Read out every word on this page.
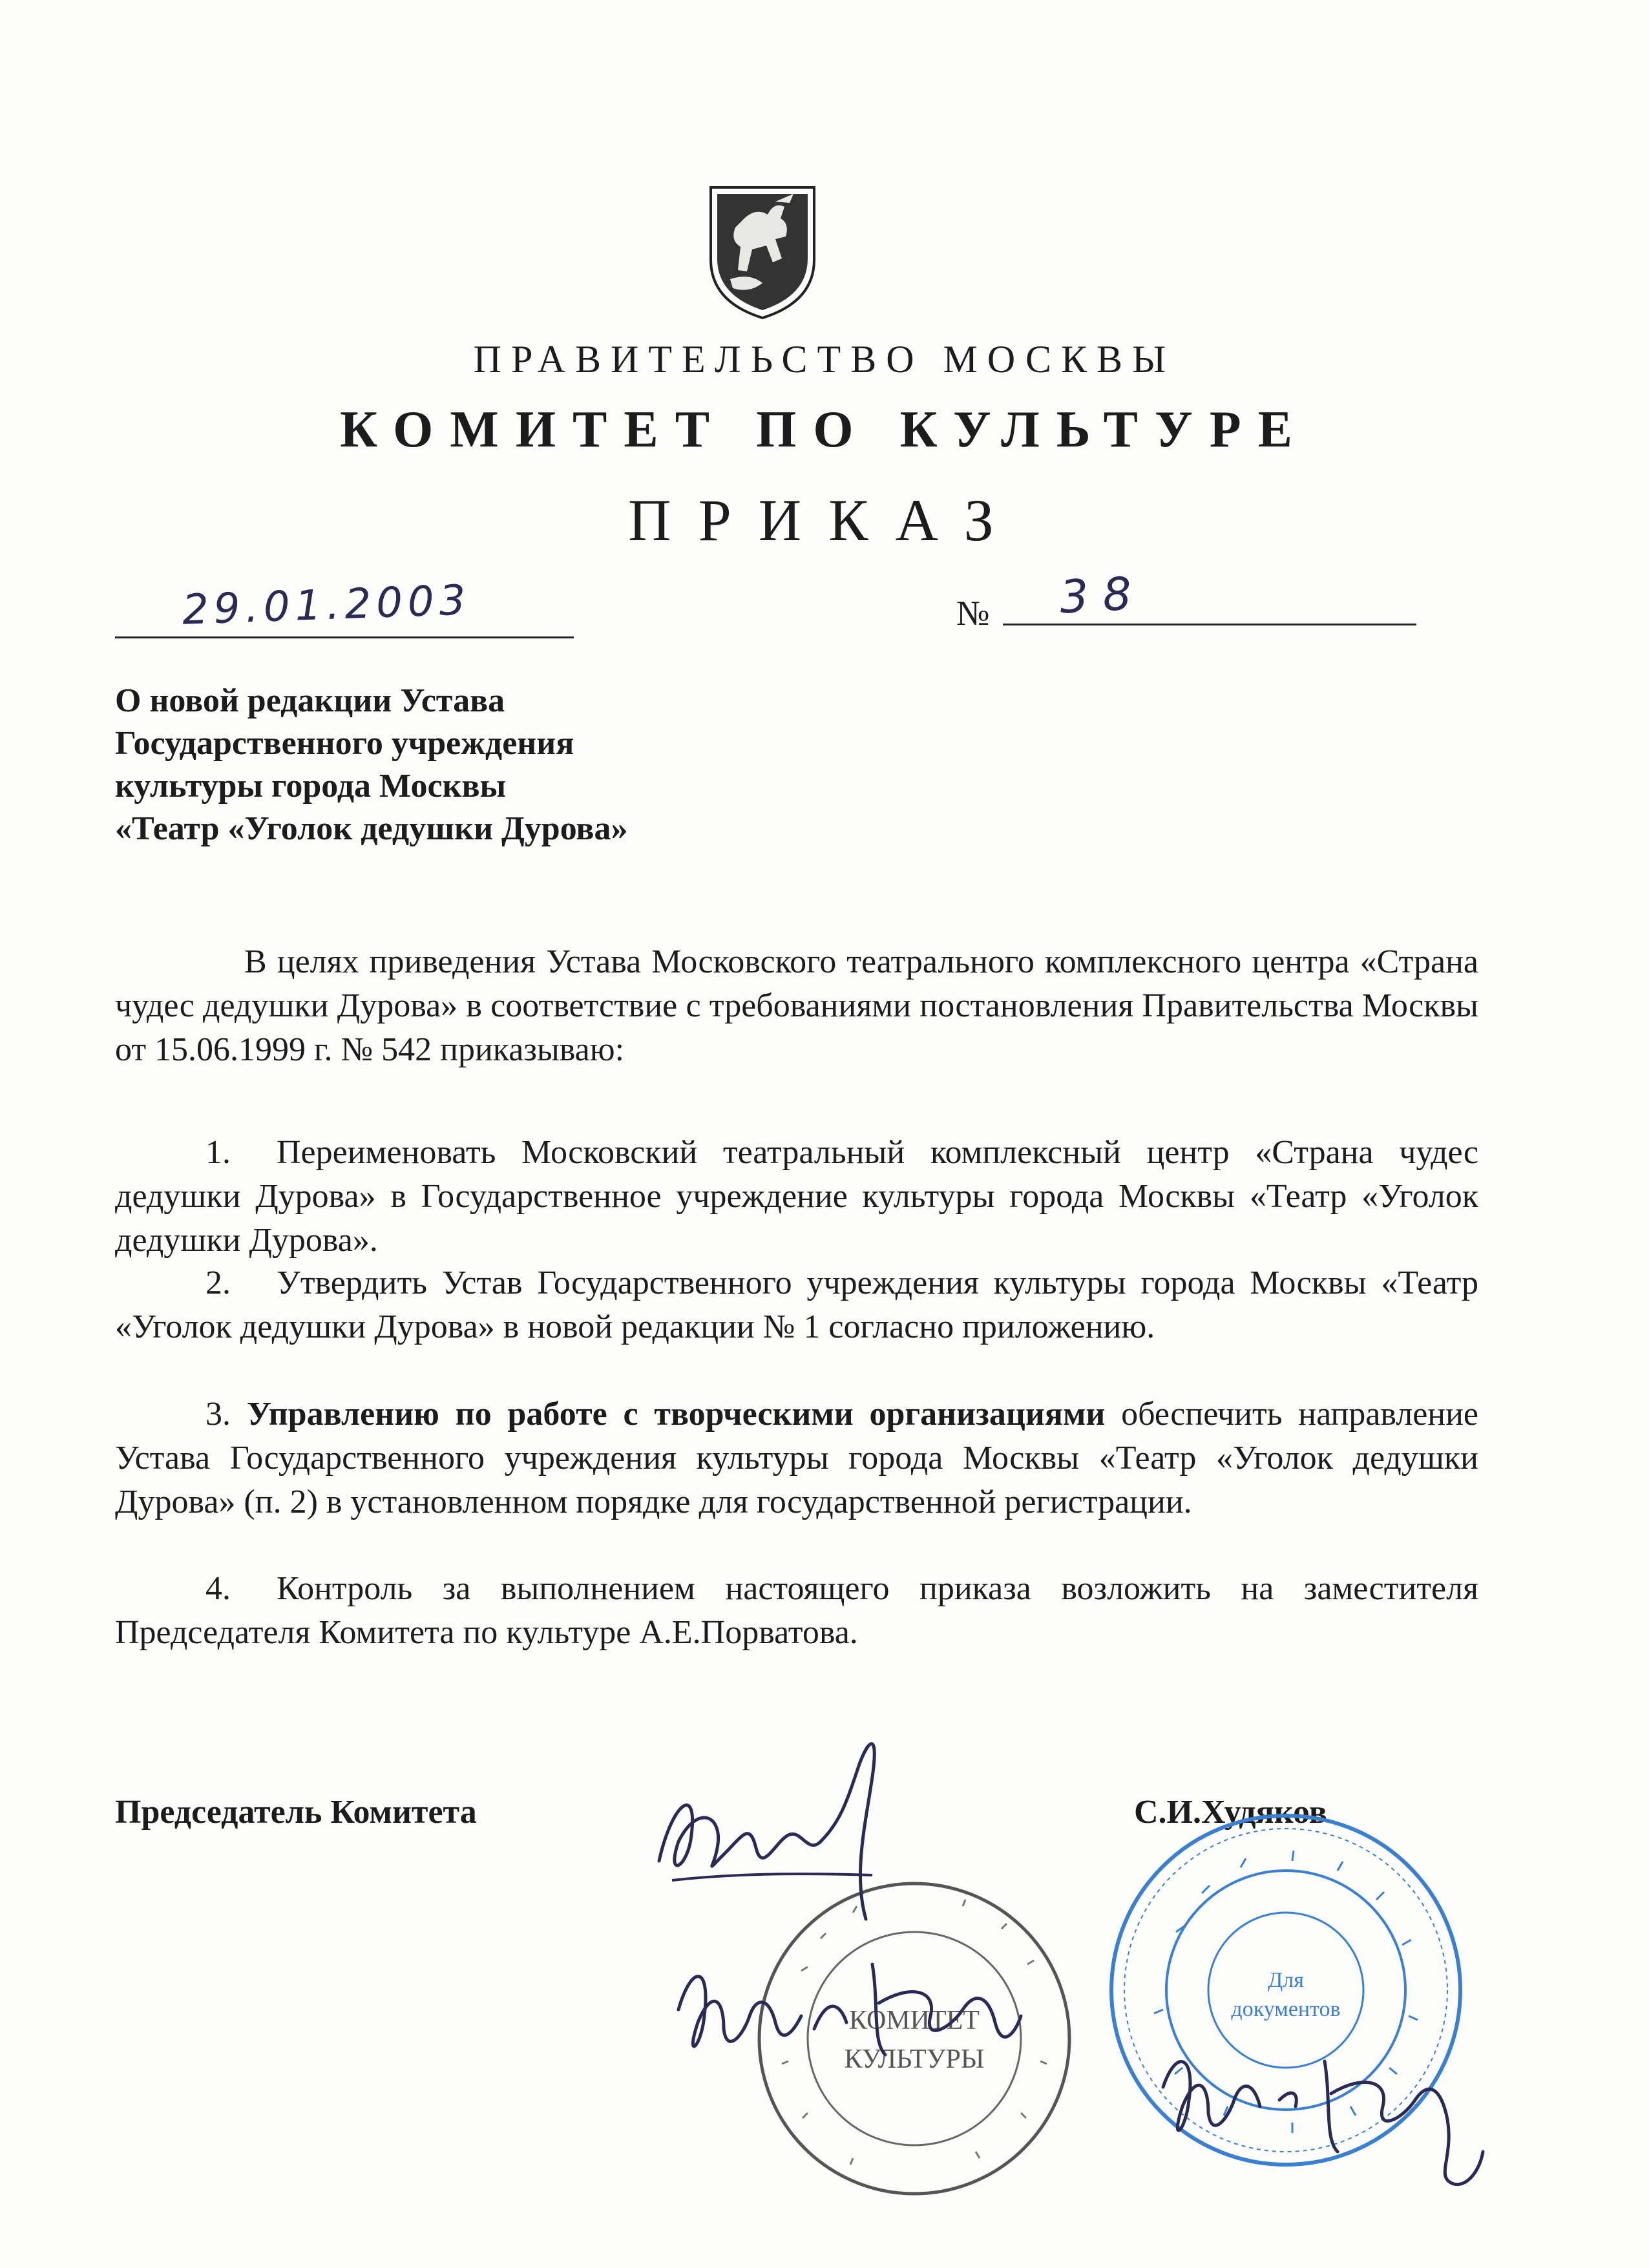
ПРАВИТЕЛЬСТВО МОСКВЫ
КОМИТЕТ ПО КУЛЬТУРЕ
ПРИКАЗ
29.01.2003	№ 38
О новой редакции Устава
Государственного учреждения
культуры города Москвы
«Театр «Уголок дедушки Дурова»
В целях приведения Устава Московского театрального комплексного центра «Страна чудес дедушки Дурова» в соответствие с требованиями постановления Правительства Москвы от 15.06.1999 г. № 542 приказываю:
1. Переименовать Московский театральный комплексный центр «Страна чудес дедушки Дурова» в Государственное учреждение культуры города Москвы «Театр «Уголок дедушки Дурова».
2. Утвердить Устав Государственного учреждения культуры города Москвы «Театр «Уголок дедушки Дурова» в новой редакции № 1 согласно приложению.
3. Управлению по работе с творческими организациями обеспечить направление Устава Государственного учреждения культуры города Москвы «Театр «Уголок дедушки Дурова» (п. 2) в установленном порядке для государственной регистрации.
4. Контроль за выполнением настоящего приказа возложить на заместителя Председателя Комитета по культуре А.Е.Порватова.
Председатель Комитета	С.И.Худяков
КОМИТЕТ
КУЛЬТУРЫ
Для
документов
